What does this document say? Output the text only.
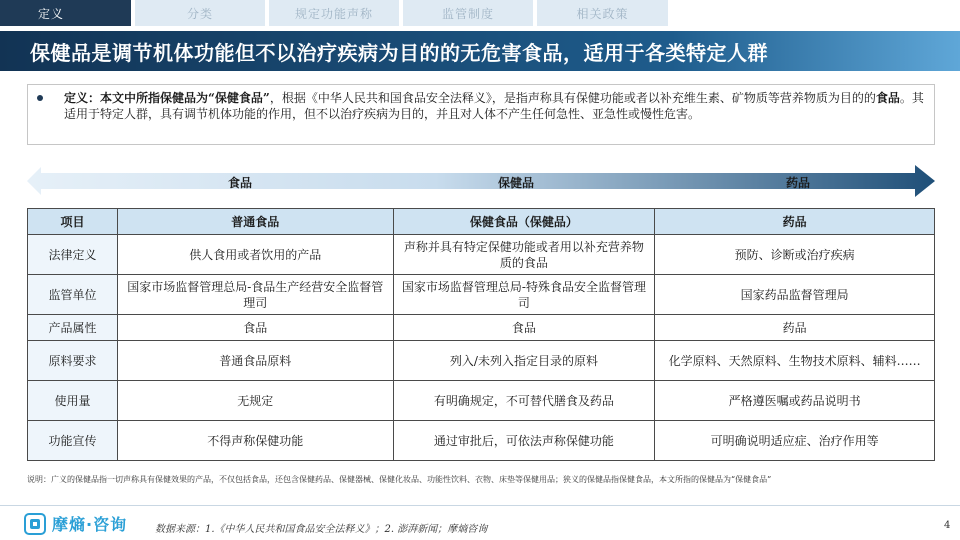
定义	分类	规定功能声称	监管制度	相关政策
保健品是调节机体功能但不以治疗疾病为目的的无危害食品，适用于各类特定人群
定义：本文中所指保健品为“保健食品”，根据《中华人民共和国食品安全法释义》，是指声称具有保健功能或者以补充维生素、矿物质等营养物质为目的的食品。其适用于特定人群，具有调节机体功能的作用，但不以治疗疾病为目的，并且对人体不产生任何急性、亚急性或慢性危害。
食品	保健品	药品
项目	普通食品	保健食品（保健品）	药品
法律定义	供人食用或者饮用的产品	声称并具有特定保健功能或者用以补充营养物质的食品	预防、诊断或治疗疾病
监管单位	国家市场监督管理总局-食品生产经营安全监督管理司	国家市场监督管理总局-特殊食品安全监督管理司	国家药品监督管理局
产品属性	食品	食品	药品
原料要求	普通食品原料	列入/未列入指定目录的原料	化学原料、天然原料、生物技术原料、辅料……
使用量	无规定	有明确规定，不可替代膳食及药品	严格遵医嘱或药品说明书
功能宣传	不得声称保健功能	通过审批后，可依法声称保健功能	可明确说明适应症、治疗作用等
说明：广义的保健品指一切声称具有保健效果的产品，不仅包括食品，还包含保健药品、保健器械、保健化妆品、功能性饮料、衣物、床垫等保健用品；狭义的保健品指保健食品，本文所指的保健品为“保健食品”
摩熵·咨询	数据来源：1.《中华人民共和国食品安全法释义》；2. 澎湃新闻；摩熵咨询	4
